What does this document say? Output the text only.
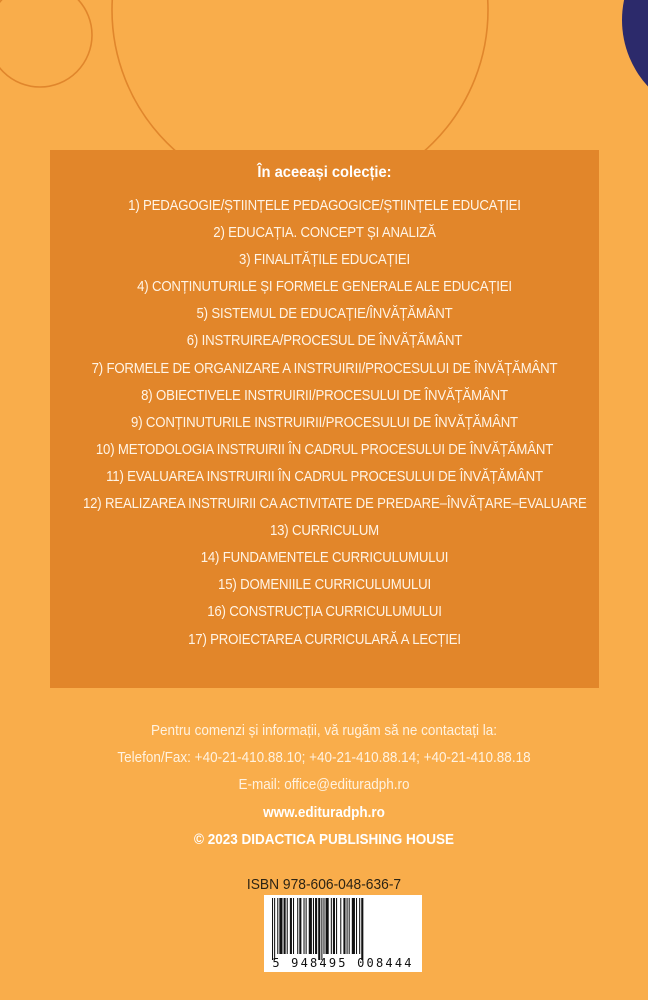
În aceeași colecție:
1) PEDAGOGIE/ȘTIINȚELE PEDAGOGICE/ȘTIINȚELE EDUCAȚIEI
2) EDUCAȚIA. CONCEPT ȘI ANALIZĂ
3) FINALITĂȚILE EDUCAȚIEI
4) CONȚINUTURILE ȘI FORMELE GENERALE ALE EDUCAȚIEI
5) SISTEMUL DE EDUCAȚIE/ÎNVĂȚĂMÂNT
6) INSTRUIREA/PROCESUL DE ÎNVĂȚĂMÂNT
7) FORMELE DE ORGANIZARE A INSTRUIRII/PROCESULUI DE ÎNVĂȚĂMÂNT
8) OBIECTIVELE INSTRUIRII/PROCESULUI DE ÎNVĂȚĂMÂNT
9) CONȚINUTURILE INSTRUIRII/PROCESULUI DE ÎNVĂȚĂMÂNT
10) METODOLOGIA INSTRUIRII ÎN CADRUL PROCESULUI DE ÎNVĂȚĂMÂNT
11) EVALUAREA INSTRUIRII ÎN CADRUL PROCESULUI DE ÎNVĂȚĂMÂNT
12) REALIZAREA INSTRUIRII CA ACTIVITATE DE PREDARE–ÎNVĂȚARE–EVALUARE
13) CURRICULUM
14) FUNDAMENTELE CURRICULUMULUI
15) DOMENIILE CURRICULUMULUI
16) CONSTRUCȚIA CURRICULUMULUI
17) PROIECTAREA CURRICULARĂ A LECȚIEI
Pentru comenzi și informații, vă rugăm să ne contactați la:
Telefon/Fax: +40-21-410.88.10; +40-21-410.88.14; +40-21-410.88.18
E-mail: office@edituradph.ro
www.edituradph.ro
© 2023 DIDACTICA PUBLISHING HOUSE
ISBN 978-606-048-636-7
5 948495 008444
